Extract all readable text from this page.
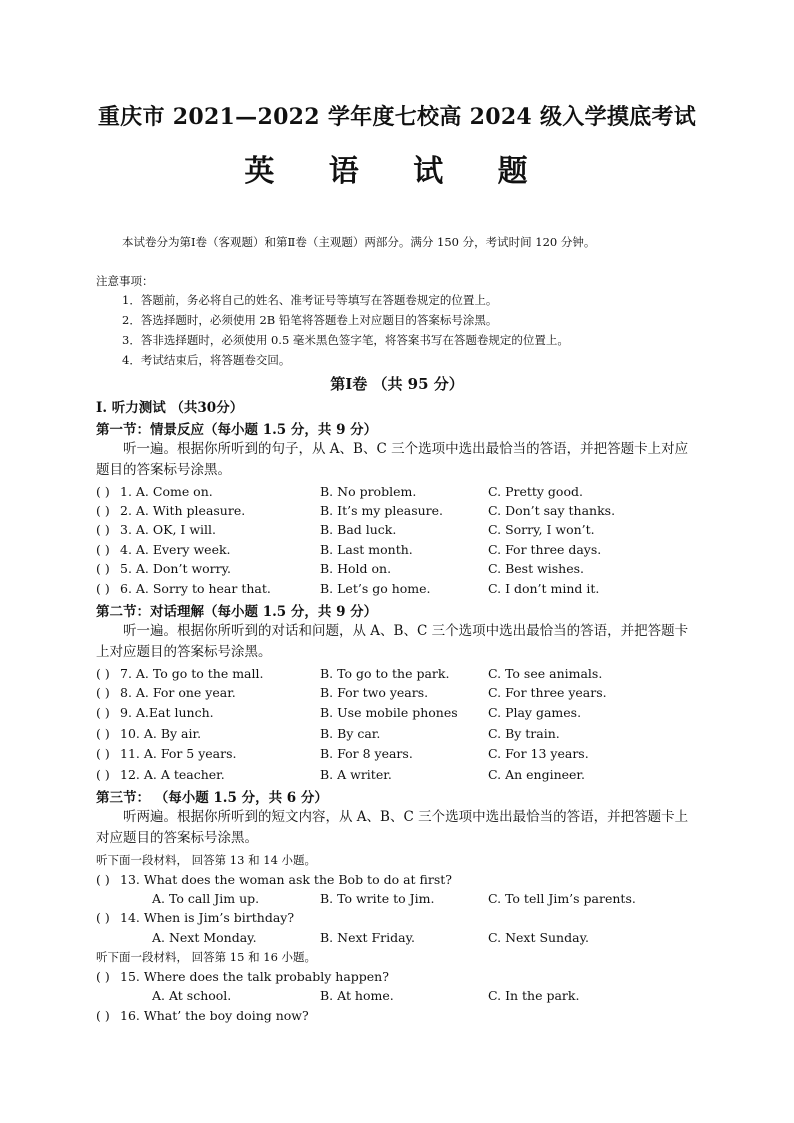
重庆市 2021—2022 学年度七校高 2024 级入学摸底考试
英 语 试 题
本试卷分为第Ⅰ卷（客观题）和第Ⅱ卷（主观题）两部分。满分 150 分，考试时间 120 分钟。
注意事项：
1．答题前，务必将自己的姓名、准考证号等填写在答题卷规定的位置上。
2．答选择题时，必须使用 2B 铅笔将答题卷上对应题目的答案标号涂黑。
3．答非选择题时，必须使用 0.5 毫米黑色签字笔，将答案书写在答题卷规定的位置上。
4．考试结束后，将答题卷交回。
第Ⅰ卷 （共 95 分）
I. 听力测试 （共30分）
第一节：情景反应（每小题 1.5 分，共 9 分）
听一遍。根据你所听到的句子，从 A、B、C 三个选项中选出最恰当的答语，并把答题卡上对应题目的答案标号涂黑。
( ) 1. A. Come on.	B. No problem.	C. Pretty good.
( ) 2. A. With pleasure.	B. It’s my pleasure.	C. Don’t say thanks.
( ) 3. A. OK, I will.	B. Bad luck.	C. Sorry, I won’t.
( ) 4. A. Every week.	B. Last month.	C. For three days.
( ) 5. A. Don’t worry.	B. Hold on.	C. Best wishes.
( ) 6. A. Sorry to hear that.	B. Let’s go home.	C. I don’t mind it.
第二节：对话理解（每小题 1.5 分，共 9 分）
听一遍。根据你所听到的对话和问题，从 A、B、C 三个选项中选出最恰当的答语，并把答题卡上对应题目的答案标号涂黑。
( ) 7. A. To go to the mall.	B. To go to the park.	C. To see animals.
( ) 8. A. For one year.	B. For two years.	C. For three years.
( ) 9. A.Eat lunch.	B. Use mobile phones C. Play games.
( ) 10. A. By air.	B. By car.	C. By train.
( ) 11. A. For 5 years.	B. For 8 years.	C. For 13 years.
( ) 12. A. A teacher.	B. A writer.	C. An engineer.
第三节： （每小题 1.5 分，共 6 分）
听两遍。根据你所听到的短文内容，从 A、B、C 三个选项中选出最恰当的答语，并把答题卡上对应题目的答案标号涂黑。
听下面一段材料， 回答第 13 和 14 小题。
( ) 13. What does the woman ask the Bob to do at first?
A. To call Jim up.	B. To write to Jim.	C. To tell Jim’s parents.
( ) 14. When is Jim’s birthday?
A. Next Monday.	B. Next Friday.	C. Next Sunday.
听下面一段材料， 回答第 15 和 16 小题。
( ) 15. Where does the talk probably happen?
A. At school.	B. At home.	C. In the park.
( ) 16. What’ the boy doing now?
